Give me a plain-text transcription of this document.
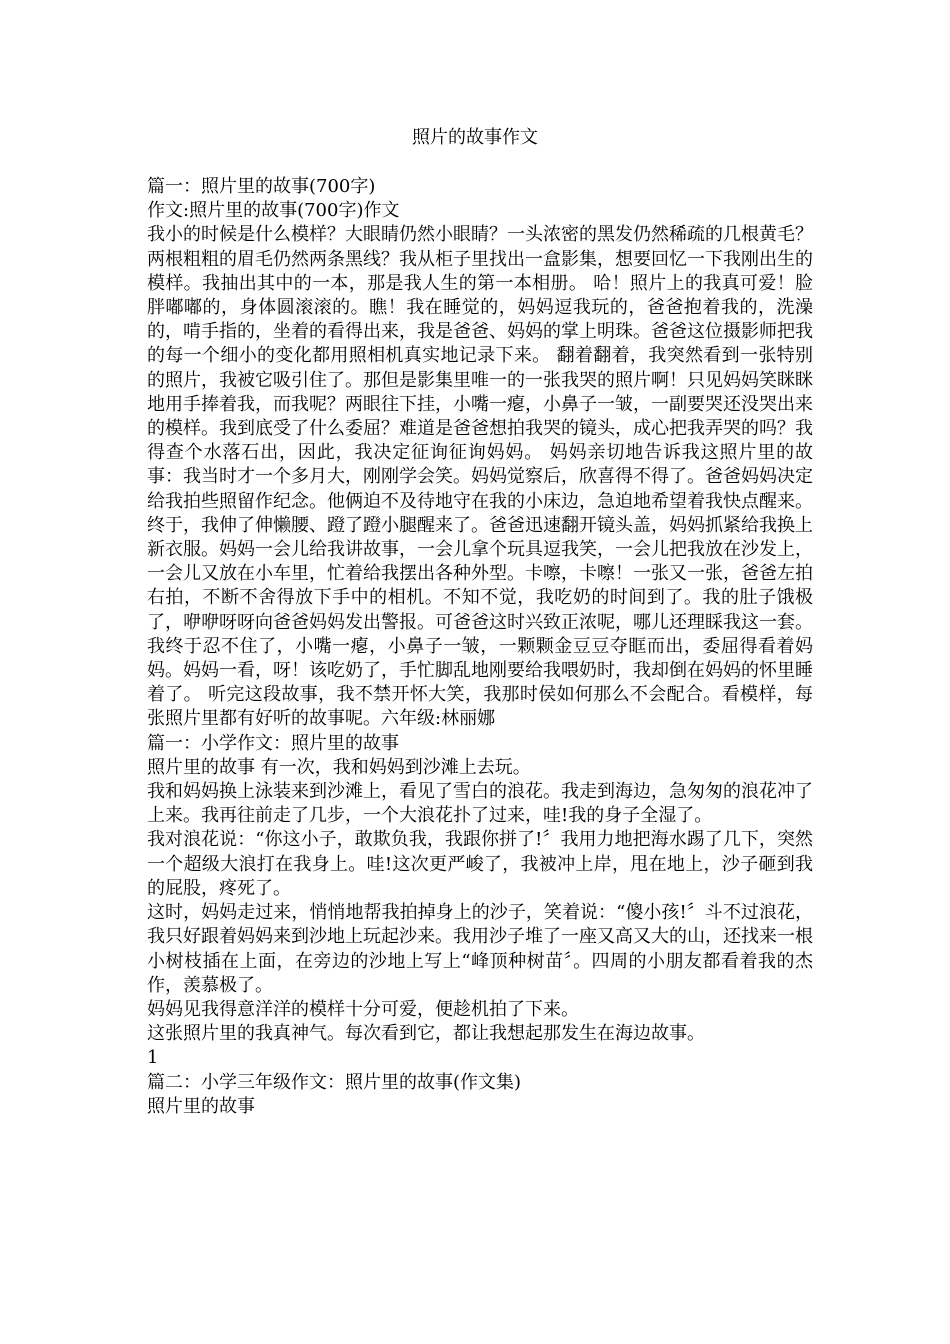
照片的故事作文

篇一：照片里的故事(700字)

作文:照片里的故事(700字)作文

我小的时候是什么模样？大眼睛仍然小眼睛？一头浓密的黑发仍然稀疏的几根黄毛？两根粗粗的眉毛仍然两条黑线？我从柜子里找出一盒影集，想要回忆一下我刚出生的模样。我抽出其中的一本，那是我人生的第一本相册。 哈！照片上的我真可爱！脸胖嘟嘟的，身体圆滚滚的。瞧！我在睡觉的，妈妈逗我玩的，爸爸抱着我的，洗澡的，啃手指的，坐着的看得出来，我是爸爸、妈妈的掌上明珠。爸爸这位摄影师把我的每一个细小的变化都用照相机真实地记录下来。 翻着翻着，我突然看到一张特别的照片，我被它吸引住了。那但是影集里唯一的一张我哭的照片啊！只见妈妈笑眯眯地用手捧着我，而我呢？两眼往下挂，小嘴一瘪，小鼻子一皱，一副要哭还没哭出来的模样。我到底受了什么委屈？难道是爸爸想拍我哭的镜头，成心把我弄哭的吗？我得查个水落石出，因此，我决定征询征询妈妈。 妈妈亲切地告诉我这照片里的故事：我当时才一个多月大，刚刚学会笑。妈妈觉察后，欣喜得不得了。爸爸妈妈决定给我拍些照留作纪念。他俩迫不及待地守在我的小床边，急迫地希望着我快点醒来。终于，我伸了伸懒腰、蹬了蹬小腿醒来了。爸爸迅速翻开镜头盖，妈妈抓紧给我换上新衣服。妈妈一会儿给我讲故事，一会儿拿个玩具逗我笑，一会儿把我放在沙发上，一会儿又放在小车里，忙着给我摆出各种外型。卡嚓，卡嚓！一张又一张，爸爸左拍右拍，不断不舍得放下手中的相机。不知不觉，我吃奶的时间到了。我的肚子饿极了，咿咿呀呀向爸爸妈妈发出警报。可爸爸这时兴致正浓呢，哪儿还理睬我这一套。我终于忍不住了，小嘴一瘪，小鼻子一皱，一颗颗金豆豆夺眶而出，委屈得看着妈妈。妈妈一看，呀！该吃奶了，手忙脚乱地刚要给我喂奶时，我却倒在妈妈的怀里睡着了。 听完这段故事，我不禁开怀大笑，我那时侯如何那么不会配合。看模样，每张照片里都有好听的故事呢。六年级:林丽娜

篇一：小学作文：照片里的故事

照片里的故事 有一次，我和妈妈到沙滩上去玩。

我和妈妈换上泳装来到沙滩上，看见了雪白的浪花。我走到海边，急匆匆的浪花冲了上来。我再往前走了几步，一个大浪花扑了过来，哇!我的身子全湿了。

我对浪花说：“你这小子，敢欺负我，我跟你拼了!〞我用力地把海水踢了几下，突然一个超级大浪打在我身上。哇!这次更严峻了，我被冲上岸，甩在地上，沙子砸到我的屁股，疼死了。

这时，妈妈走过来，悄悄地帮我拍掉身上的沙子，笑着说：“傻小孩!〞斗不过浪花，我只好跟着妈妈来到沙地上玩起沙来。我用沙子堆了一座又高又大的山，还找来一根小树枝插在上面，在旁边的沙地上写上“峰顶种树苗〞。四周的小朋友都看着我的杰作，羡慕极了。

妈妈见我得意洋洋的模样十分可爱，便趁机拍了下来。

这张照片里的我真神气。每次看到它，都让我想起那发生在海边故事。

1

篇二：小学三年级作文：照片里的故事(作文集)

照片里的故事
